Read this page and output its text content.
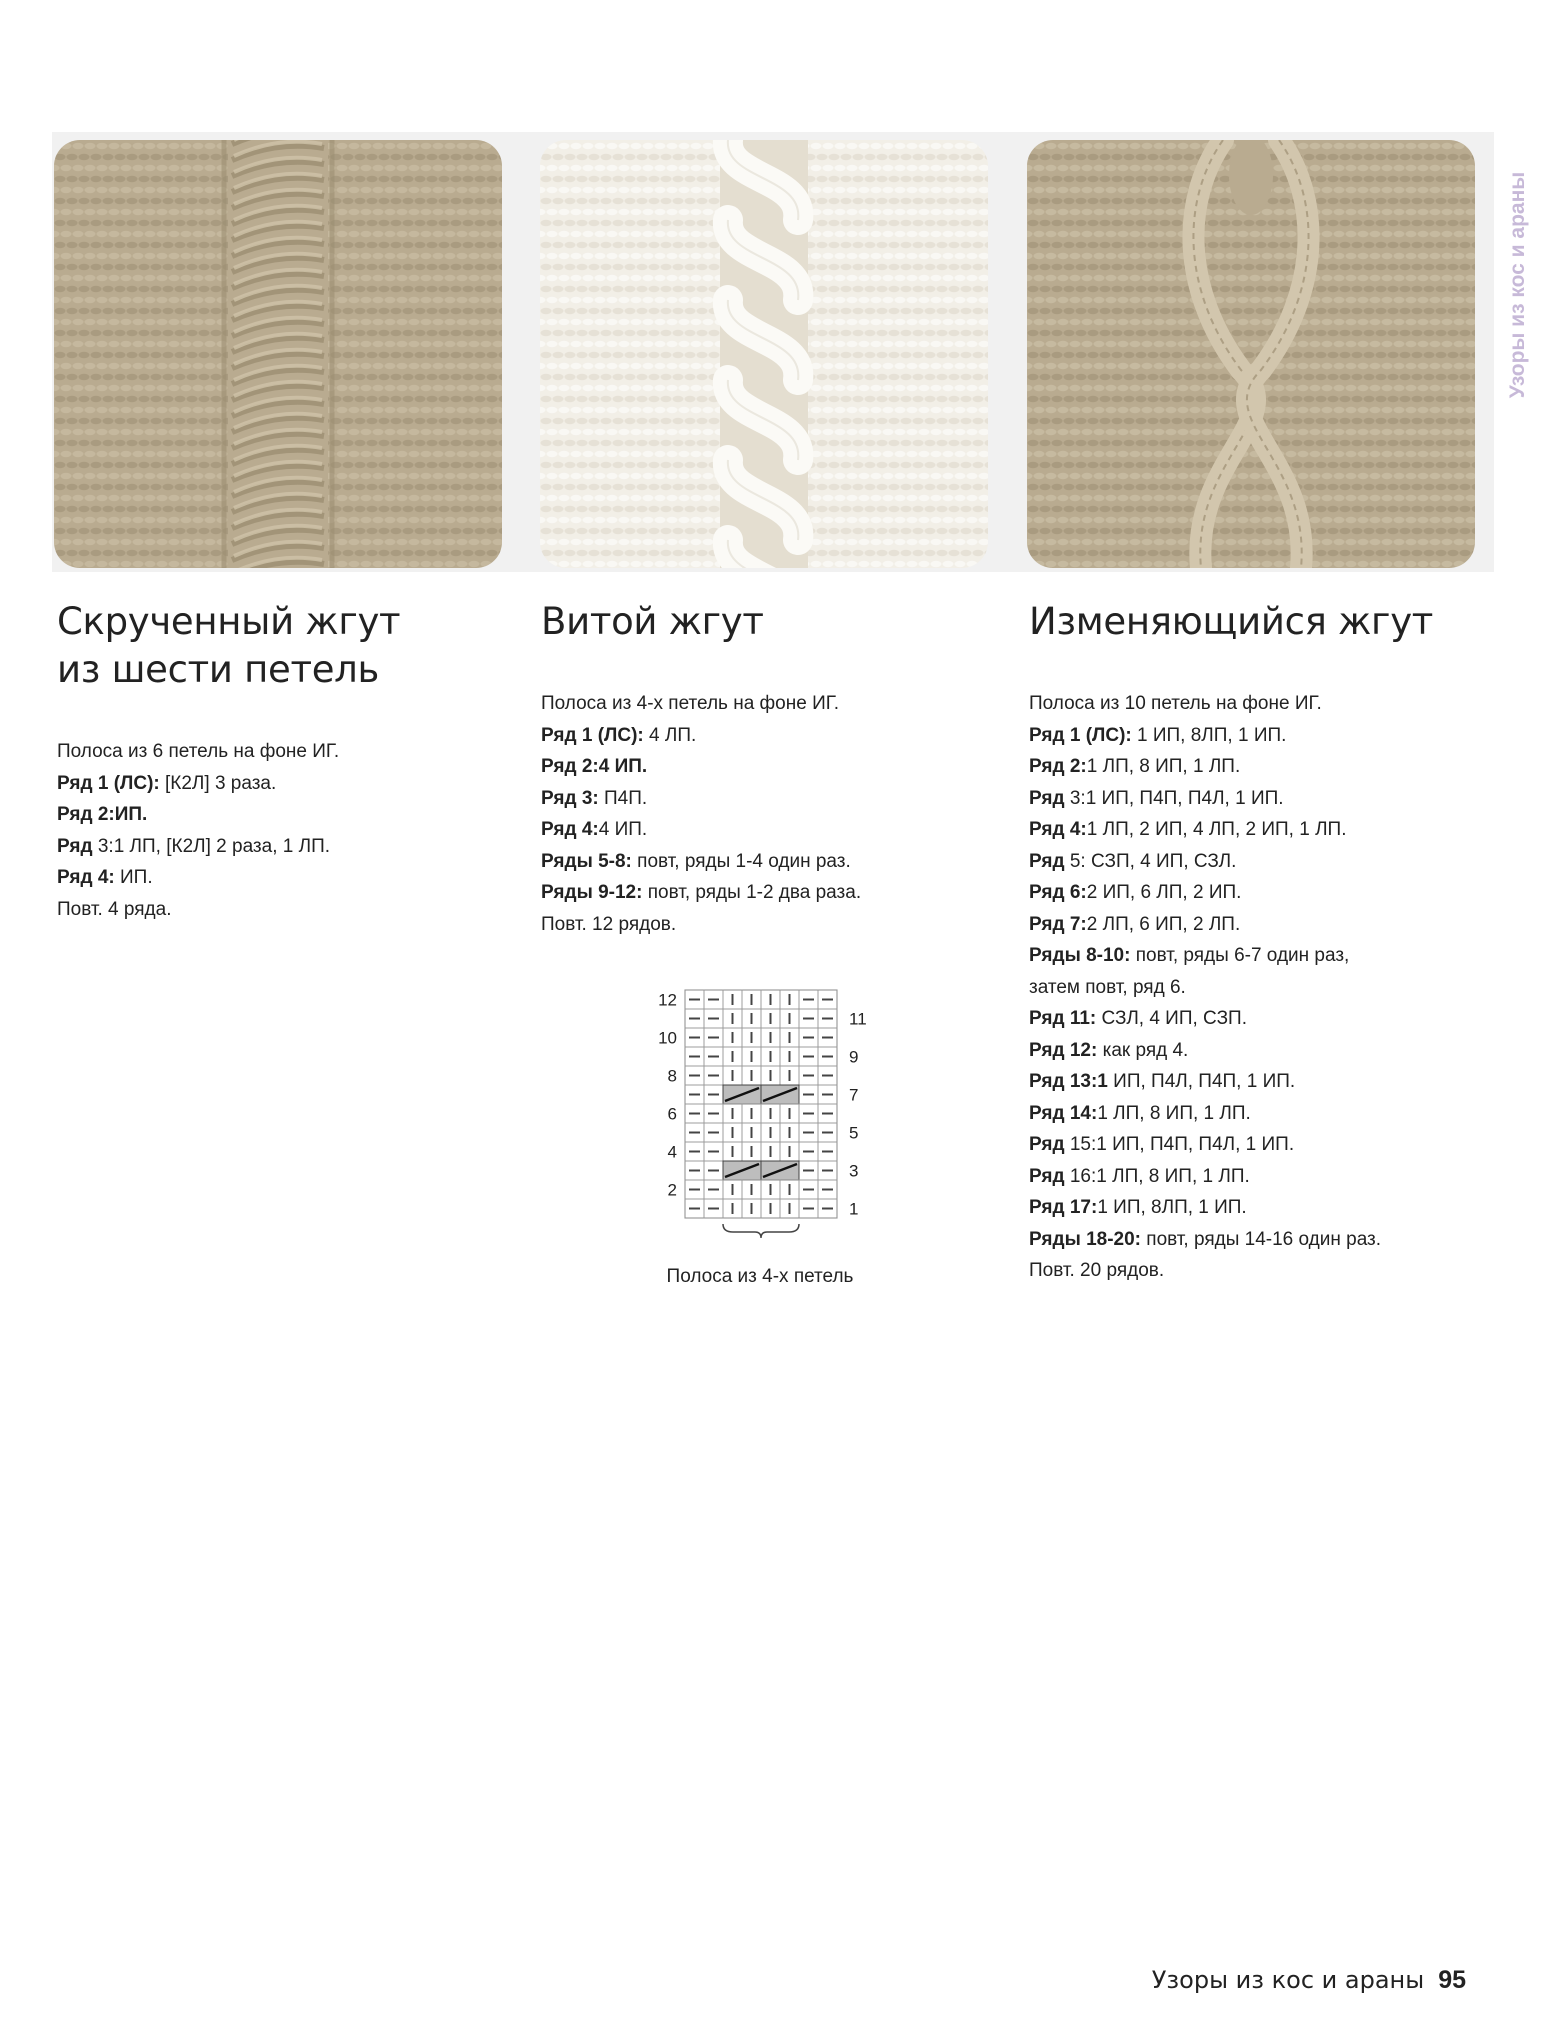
Узоры из кос и араны
Скрученный жгут
из шести петель
Полоса из 6 петель на фоне ИГ.
Ряд 1 (ЛС): [К2Л] 3 раза.
Ряд 2:ИП.
Ряд 3:1 ЛП, [К2Л] 2 раза, 1 ЛП.
Ряд 4: ИП.
Повт. 4 ряда.
Витой жгут
Полоса из 4-х петель на фоне ИГ.
Ряд 1 (ЛС): 4 ЛП.
Ряд 2:4 ИП.
Ряд 3: П4П.
Ряд 4:4 ИП.
Ряды 5-8: повт, ряды 1-4 один раз.
Ряды 9-12: повт, ряды 1-2 два раза.
Повт. 12 рядов.
Изменяющийся жгут
Полоса из 10 петель на фоне ИГ.
Ряд 1 (ЛС): 1 ИП, 8ЛП, 1 ИП.
Ряд 2:1 ЛП, 8 ИП, 1 ЛП.
Ряд 3:1 ИП, П4П, П4Л, 1 ИП.
Ряд 4:1 ЛП, 2 ИП, 4 ЛП, 2 ИП, 1 ЛП.
Ряд 5: СЗП, 4 ИП, СЗЛ.
Ряд 6:2 ИП, 6 ЛП, 2 ИП.
Ряд 7:2 ЛП, 6 ИП, 2 ЛП.
Ряды 8-10: повт, ряды 6-7 один раз,
затем повт, ряд 6.
Ряд 11: СЗЛ, 4 ИП, СЗП.
Ряд 12: как ряд 4.
Ряд 13:1 ИП, П4Л, П4П, 1 ИП.
Ряд 14:1 ЛП, 8 ИП, 1 ЛП.
Ряд 15:1 ИП, П4П, П4Л, 1 ИП.
Ряд 16:1 ЛП, 8 ИП, 1 ЛП.
Ряд 17:1 ИП, 8ЛП, 1 ИП.
Ряды 18-20: повт, ряды 14-16 один раз.
Повт. 20 рядов.
12
10
8
6
4
2
11
9
7
5
3
1
Полоса из 4-х петель
Узоры из кос и араны 95
